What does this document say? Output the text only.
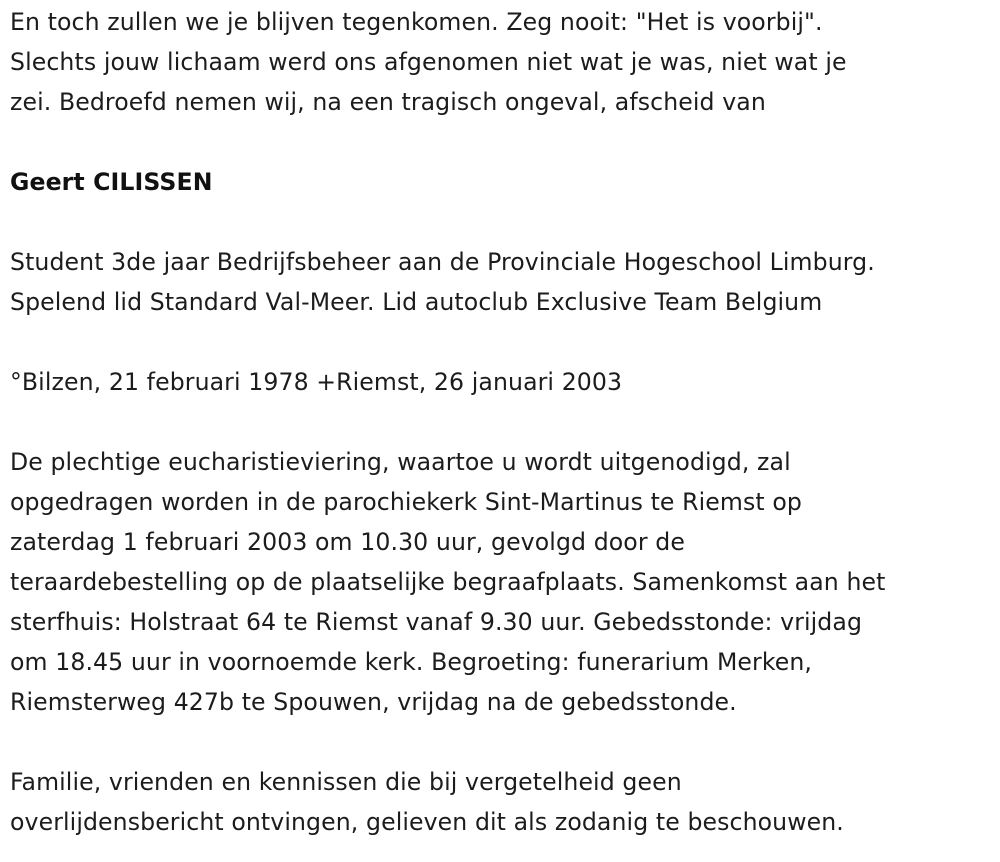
En toch zullen we je blijven tegenkomen. Zeg nooit: "Het is voorbij".
Slechts jouw lichaam werd ons afgenomen niet wat je was, niet wat je
zei. Bedroefd nemen wij, na een tragisch ongeval, afscheid van

Geert CILISSEN

Student 3de jaar Bedrijfsbeheer aan de Provinciale Hogeschool Limburg.
Spelend lid Standard Val-Meer. Lid autoclub Exclusive Team Belgium

°Bilzen, 21 februari 1978 +Riemst, 26 januari 2003

De plechtige eucharistieviering, waartoe u wordt uitgenodigd, zal
opgedragen worden in de parochiekerk Sint-Martinus te Riemst op
zaterdag 1 februari 2003 om 10.30 uur, gevolgd door de
teraardebestelling op de plaatselijke begraafplaats. Samenkomst aan het
sterfhuis: Holstraat 64 te Riemst vanaf 9.30 uur. Gebedsstonde: vrijdag
om 18.45 uur in voornoemde kerk. Begroeting: funerarium Merken,
Riemsterweg 427b te Spouwen, vrijdag na de gebedsstonde.

Familie, vrienden en kennissen die bij vergetelheid geen
overlijdensbericht ontvingen, gelieven dit als zodanig te beschouwen.
